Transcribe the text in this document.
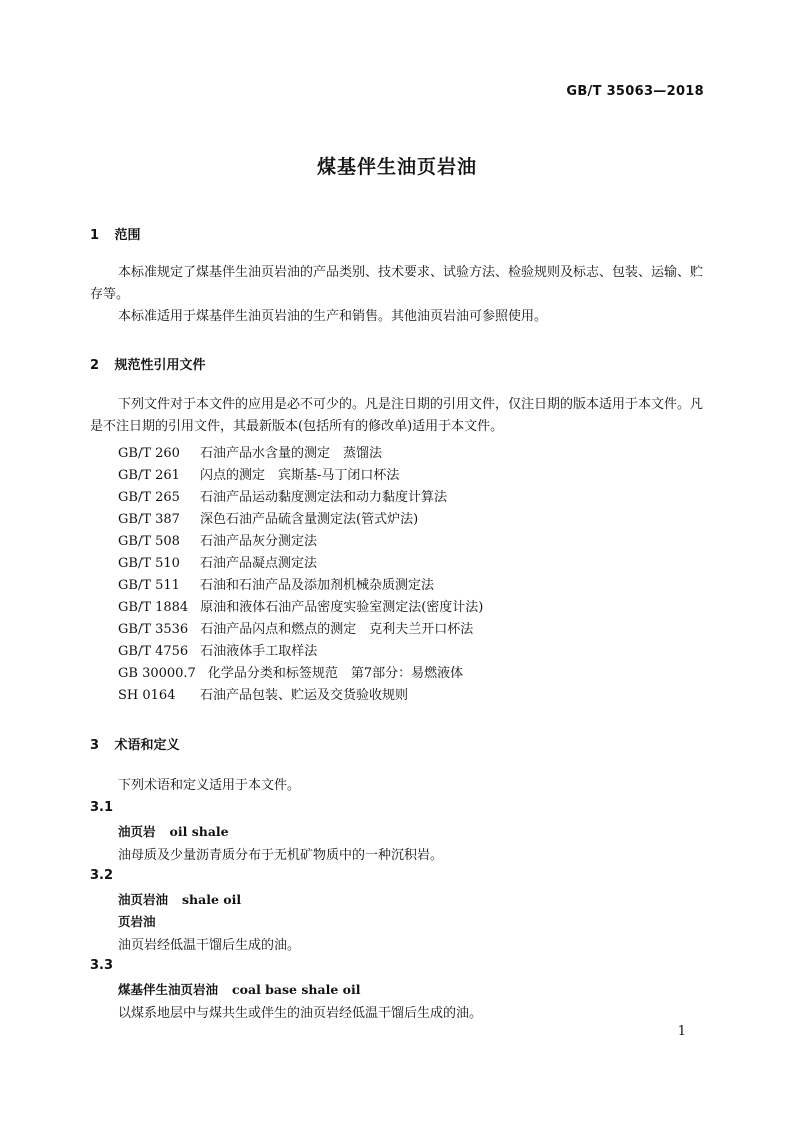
GB/T 35063—2018
煤基伴生油页岩油
1 范围
本标准规定了煤基伴生油页岩油的产品类别、技术要求、试验方法、检验规则及标志、包装、运输、贮存等。
本标准适用于煤基伴生油页岩油的生产和销售。其他油页岩油可参照使用。
2 规范性引用文件
下列文件对于本文件的应用是必不可少的。凡是注日期的引用文件，仅注日期的版本适用于本文件。凡是不注日期的引用文件，其最新版本(包括所有的修改单)适用于本文件。
GB/T 260 石油产品水含量的测定　蒸馏法
GB/T 261 闪点的测定　宾斯基-马丁闭口杯法
GB/T 265 石油产品运动黏度测定法和动力黏度计算法
GB/T 387 深色石油产品硫含量测定法(管式炉法)
GB/T 508 石油产品灰分测定法
GB/T 510 石油产品凝点测定法
GB/T 511 石油和石油产品及添加剂机械杂质测定法
GB/T 1884 原油和液体石油产品密度实验室测定法(密度计法)
GB/T 3536 石油产品闪点和燃点的测定　克利夫兰开口杯法
GB/T 4756 石油液体手工取样法
GB 30000.7 化学品分类和标签规范　第7部分：易燃液体
SH 0164 石油产品包装、贮运及交货验收规则
3 术语和定义
下列术语和定义适用于本文件。
3.1
油页岩 oil shale
油母质及少量沥青质分布于无机矿物质中的一种沉积岩。
3.2
油页岩油 shale oil
页岩油
油页岩经低温干馏后生成的油。
3.3
煤基伴生油页岩油 coal base shale oil
以煤系地层中与煤共生或伴生的油页岩经低温干馏后生成的油。
1
